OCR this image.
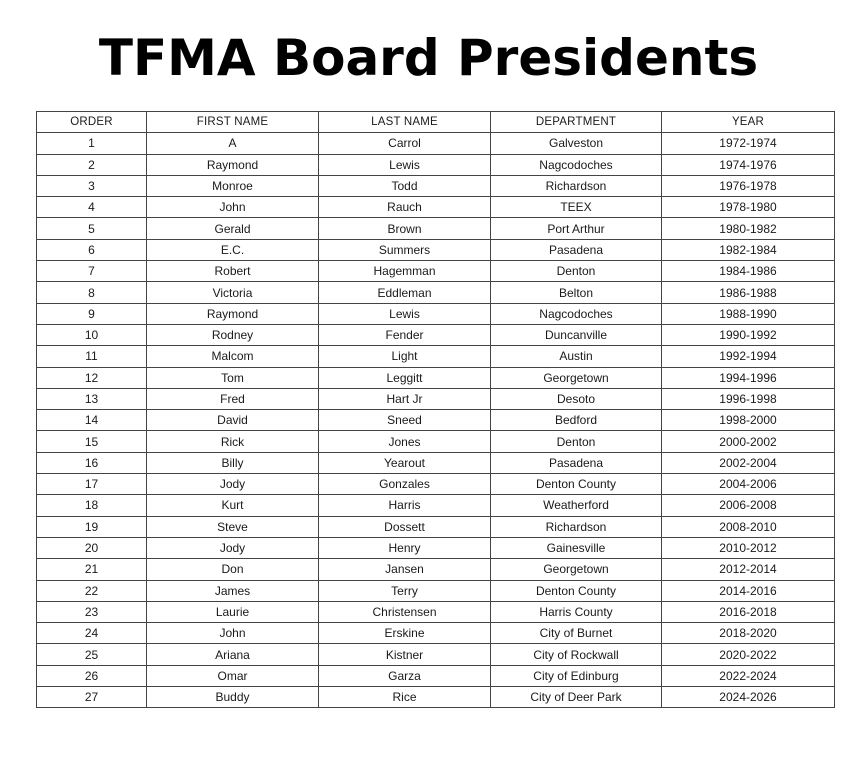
TFMA Board Presidents
ORDER	FIRST NAME	LAST NAME	DEPARTMENT	YEAR
1	A	Carrol	Galveston	1972-1974
2	Raymond	Lewis	Nagcodoches	1974-1976
3	Monroe	Todd	Richardson	1976-1978
4	John	Rauch	TEEX	1978-1980
5	Gerald	Brown	Port Arthur	1980-1982
6	E.C.	Summers	Pasadena	1982-1984
7	Robert	Hagemman	Denton	1984-1986
8	Victoria	Eddleman	Belton	1986-1988
9	Raymond	Lewis	Nagcodoches	1988-1990
10	Rodney	Fender	Duncanville	1990-1992
11	Malcom	Light	Austin	1992-1994
12	Tom	Leggitt	Georgetown	1994-1996
13	Fred	Hart Jr	Desoto	1996-1998
14	David	Sneed	Bedford	1998-2000
15	Rick	Jones	Denton	2000-2002
16	Billy	Yearout	Pasadena	2002-2004
17	Jody	Gonzales	Denton County	2004-2006
18	Kurt	Harris	Weatherford	2006-2008
19	Steve	Dossett	Richardson	2008-2010
20	Jody	Henry	Gainesville	2010-2012
21	Don	Jansen	Georgetown	2012-2014
22	James	Terry	Denton County	2014-2016
23	Laurie	Christensen	Harris County	2016-2018
24	John	Erskine	City of Burnet	2018-2020
25	Ariana	Kistner	City of Rockwall	2020-2022
26	Omar	Garza	City of Edinburg	2022-2024
27	Buddy	Rice	City of Deer Park	2024-2026
